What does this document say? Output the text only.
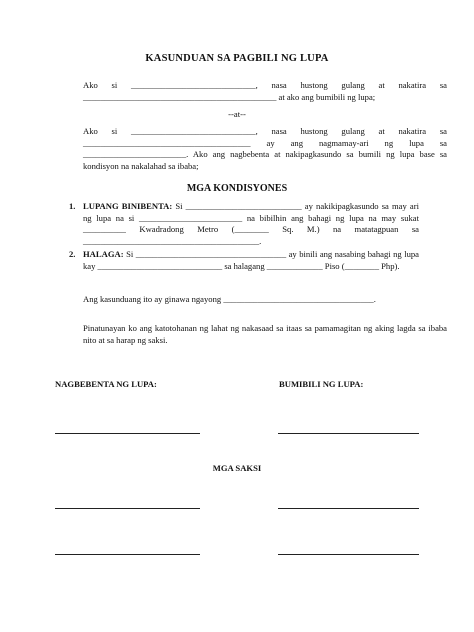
KASUNDUAN SA PAGBILI NG LUPA
Ako si _____________________________, nasa hustong gulang at nakatira sa _____________________________________________ at ako ang bumibili ng lupa;
--at--
Ako si _____________________________, nasa hustong gulang at nakatira sa _______________________________________ ay ang nagmamay-ari ng lupa sa ________________________. Ako ang nagbebenta at nakipagkasundo sa bumili ng lupa base sa kondisyon na nakalahad sa ibaba;
MGA KONDISYONES
1. LUPANG BINIBENTA: Si ___________________________ ay nakikipagkasundo sa may ari ng lupa na si ________________________ na bibilhin ang bahagi ng lupa na may sukat __________ Kwadradong Metro (________ Sq. M.) na matatagpuan sa _________________________________________.
2. HALAGA: Si ___________________________________ ay binili ang nasabing bahagi ng lupa kay _____________________________ sa halagang _____________ Piso (________ Php).
Ang kasunduang ito ay ginawa ngayong ___________________________________.
Pinatunayan ko ang katotohanan ng lahat ng nakasaad sa itaas sa pamamagitan ng aking lagda sa ibaba nito at sa harap ng saksi.
NAGBEBENTA NG LUPA:	BUMIBILI NG LUPA:
MGA SAKSI
